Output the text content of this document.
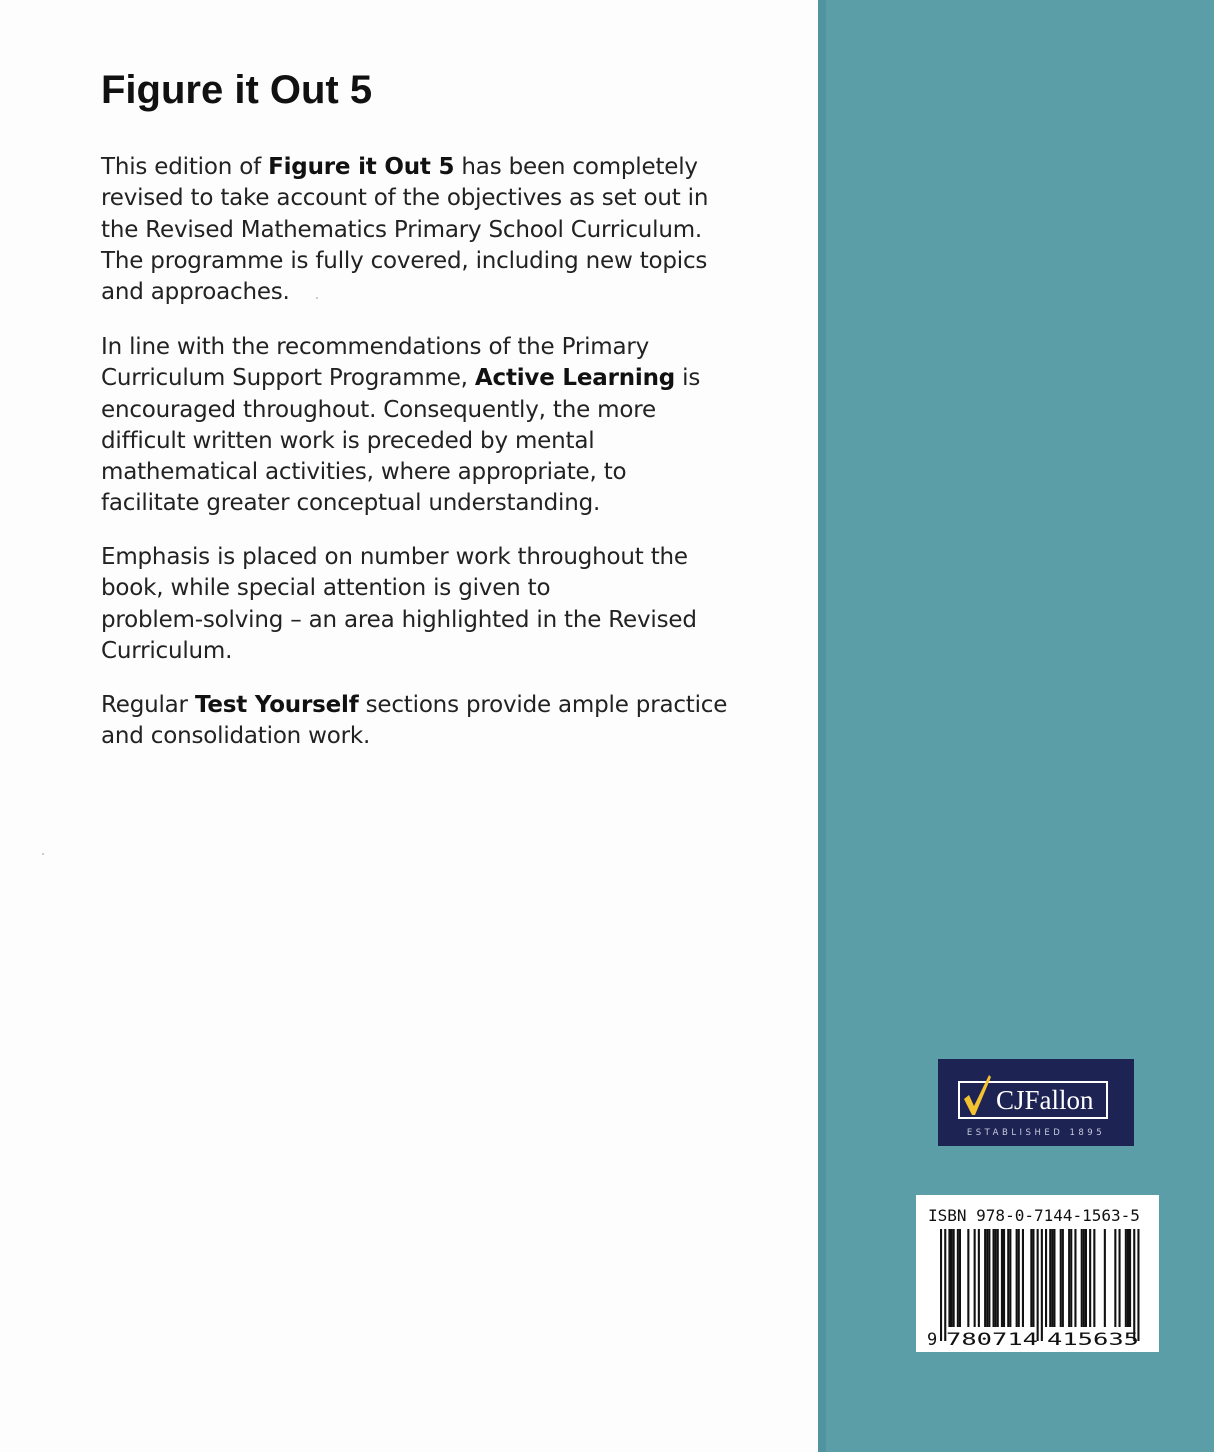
Figure it Out 5

This edition of Figure it Out 5 has been completely
revised to take account of the objectives as set out in
the Revised Mathematics Primary School Curriculum.
The programme is fully covered, including new topics
and approaches.

In line with the recommendations of the Primary
Curriculum Support Programme, Active Learning is
encouraged throughout. Consequently, the more
difficult written work is preceded by mental
mathematical activities, where appropriate, to
facilitate greater conceptual understanding.

Emphasis is placed on number work throughout the
book, while special attention is given to
problem-solving – an area highlighted in the Revised
Curriculum.

Regular Test Yourself sections provide ample practice
and consolidation work.

CJFallon
ESTABLISHED 1895
ISBN 978-0-7144-1563-5
9 780714 415635
